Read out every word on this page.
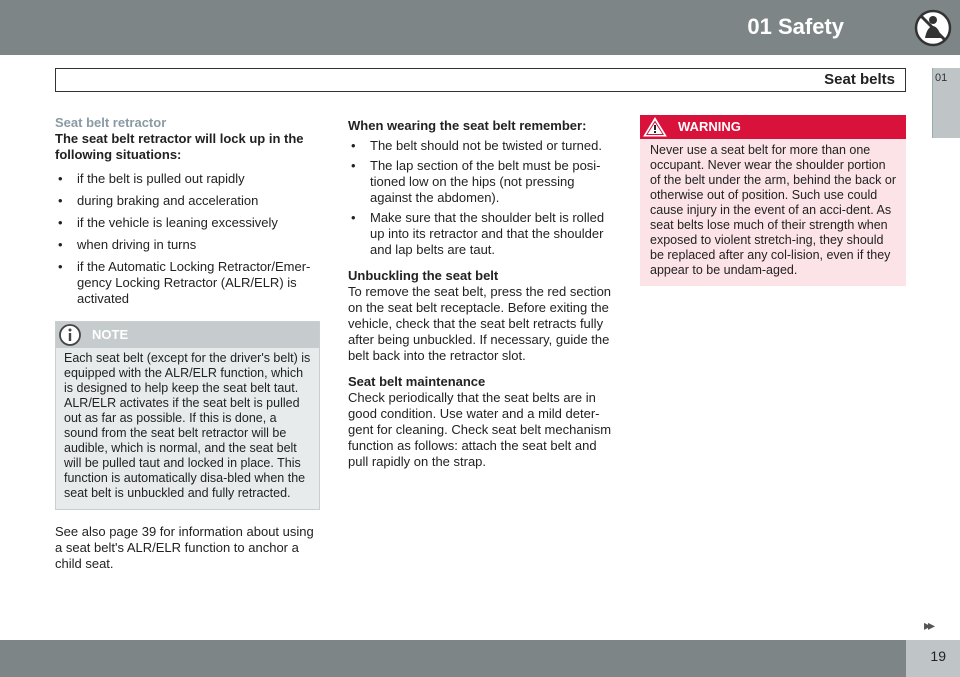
01 Safety
Seat belts	01
Seat belt retractor
The seat belt retractor will lock up in the following situations:
• if the belt is pulled out rapidly
• during braking and acceleration
• if the vehicle is leaning excessively
• when driving in turns
• if the Automatic Locking Retractor/Emer-gency Locking Retractor (ALR/ELR) is activated
NOTE
Each seat belt (except for the driver's belt) is equipped with the ALR/ELR function, which is designed to help keep the seat belt taut. ALR/ELR activates if the seat belt is pulled out as far as possible. If this is done, a sound from the seat belt retractor will be audible, which is normal, and the seat belt will be pulled taut and locked in place. This function is automatically disa-bled when the seat belt is unbuckled and fully retracted.

See also page 39 for information about using a seat belt's ALR/ELR function to anchor a child seat.

When wearing the seat belt remember:
• The belt should not be twisted or turned.
• The lap section of the belt must be posi-tioned low on the hips (not pressing against the abdomen).
• Make sure that the shoulder belt is rolled up into its retractor and that the shoulder and lap belts are taut.
Unbuckling the seat belt

To remove the seat belt, press the red section on the seat belt receptacle. Before exiting the vehicle, check that the seat belt retracts fully after being unbuckled. If necessary, guide the belt back into the retractor slot.

Seat belt maintenance

Check periodically that the seat belts are in good condition. Use water and a mild deter-gent for cleaning. Check seat belt mechanism function as follows: attach the seat belt and pull rapidly on the strap.

WARNING
Never use a seat belt for more than one occupant. Never wear the shoulder portion of the belt under the arm, behind the back or otherwise out of position. Such use could cause injury in the event of an acci-dent. As seat belts lose much of their strength when exposed to violent stretch-ing, they should be replaced after any col-lision, even if they appear to be undam-aged.
▸▸
19
